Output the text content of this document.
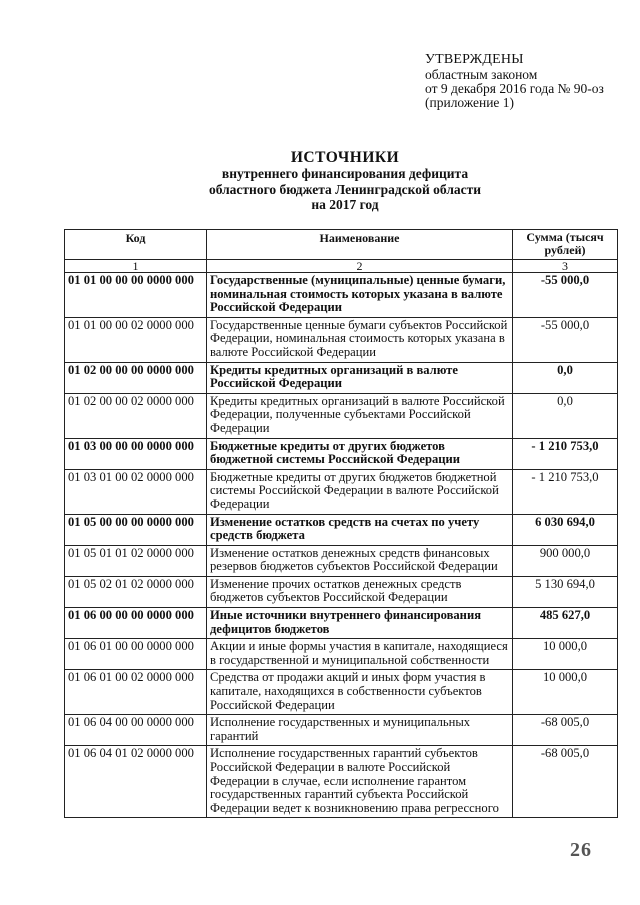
УТВЕРЖДЕНЫ
областным законом
от 9 декабря 2016 года № 90-оз
(приложение 1)
ИСТОЧНИКИ
внутреннего финансирования дефицита
областного бюджета Ленинградской области
на 2017 год
Код	Наименование	Сумма (тысяч рублей)
1	2	3
01 01 00 00 00 0000 000	Государственные (муниципальные) ценные бумаги, номинальная стоимость которых указана в валюте Российской Федерации	-55 000,0
01 01 00 00 02 0000 000	Государственные ценные бумаги субъектов Российской Федерации, номинальная стоимость которых указана в валюте Российской Федерации	-55 000,0
01 02 00 00 00 0000 000	Кредиты кредитных организаций в валюте Российской Федерации	0,0
01 02 00 00 02 0000 000	Кредиты кредитных организаций в валюте Российской Федерации, полученные субъектами Российской Федерации	0,0
01 03 00 00 00 0000 000	Бюджетные кредиты от других бюджетов бюджетной системы Российской Федерации	- 1 210 753,0
01 03 01 00 02 0000 000	Бюджетные кредиты от других бюджетов бюджетной системы Российской Федерации в валюте Российской Федерации	- 1 210 753,0
01 05 00 00 00 0000 000	Изменение остатков средств на счетах по учету средств бюджета	6 030 694,0
01 05 01 01 02 0000 000	Изменение остатков денежных средств финансовых резервов бюджетов субъектов Российской Федерации	900 000,0
01 05 02 01 02 0000 000	Изменение прочих остатков денежных средств бюджетов субъектов Российской Федерации	5 130 694,0
01 06 00 00 00 0000 000	Иные источники внутреннего финансирования дефицитов бюджетов	485 627,0
01 06 01 00 00 0000 000	Акции и иные формы участия в капитале, находящиеся в государственной и муниципальной собственности	10 000,0
01 06 01 00 02 0000 000	Средства от продажи акций и иных форм участия в капитале, находящихся в собственности субъектов Российской Федерации	10 000,0
01 06 04 00 00 0000 000	Исполнение государственных и муниципальных гарантий	-68 005,0
01 06 04 01 02 0000 000	Исполнение государственных гарантий субъектов Российской Федерации в валюте Российской Федерации в случае, если исполнение гарантом государственных гарантий субъекта Российской Федерации ведет к возникновению права регрессного	-68 005,0
26
